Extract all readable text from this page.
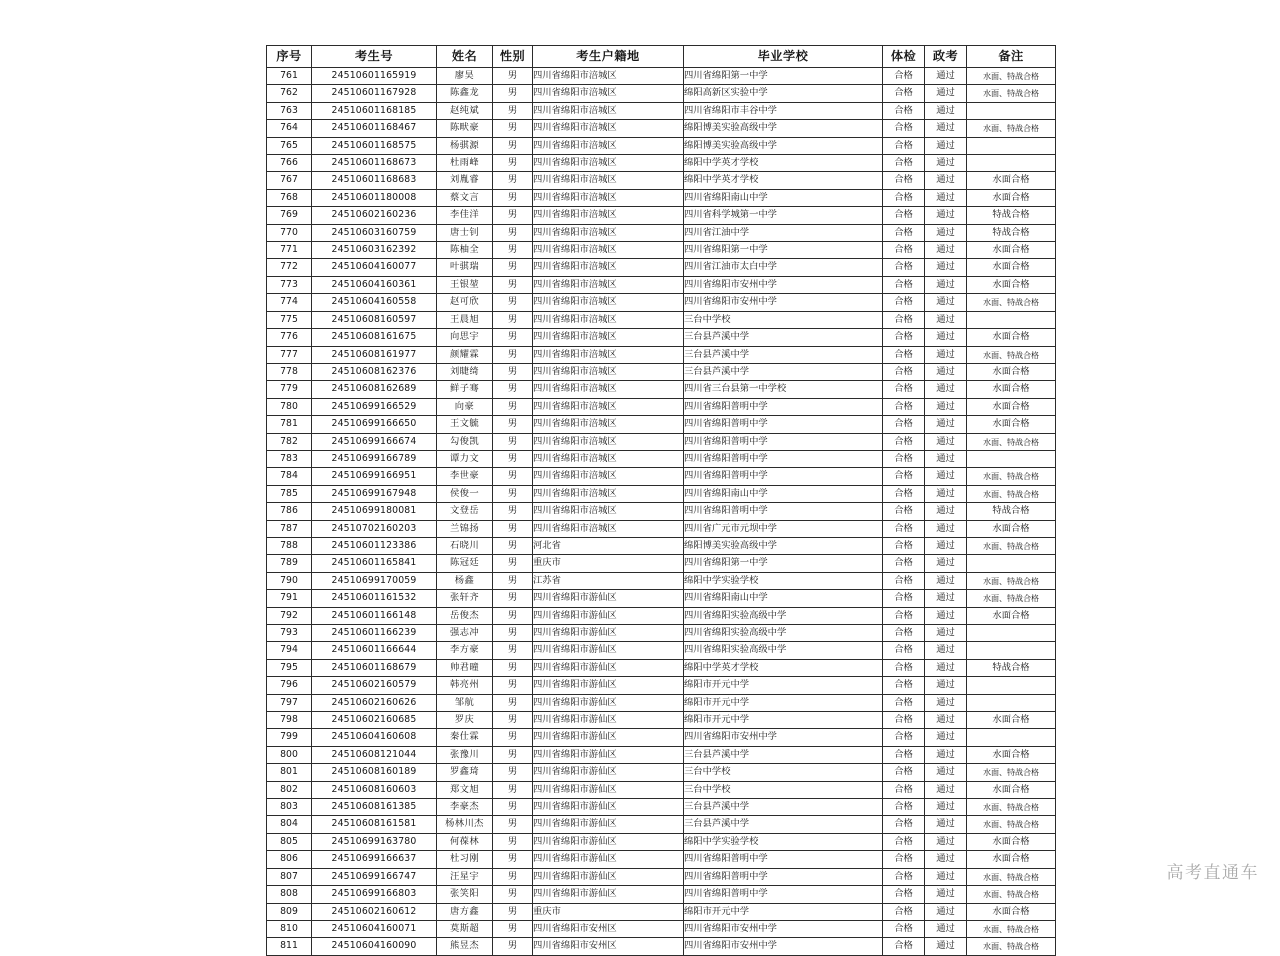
序号	考生号	姓名	性别	考生户籍地	毕业学校	体检	政考	备注
761	24510601165919	廖昊	男	四川省绵阳市涪城区	四川省绵阳第一中学	合格	通过	水面、特战合格
762	24510601167928	陈鑫龙	男	四川省绵阳市涪城区	绵阳高新区实验中学	合格	通过	水面、特战合格
763	24510601168185	赵纯斌	男	四川省绵阳市涪城区	四川省绵阳市丰谷中学	合格	通过	
764	24510601168467	陈畎豪	男	四川省绵阳市涪城区	绵阳博美实验高级中学	合格	通过	水面、特战合格
765	24510601168575	杨骐源	男	四川省绵阳市涪城区	绵阳博美实验高级中学	合格	通过	
766	24510601168673	杜雨峰	男	四川省绵阳市涪城区	绵阳中学英才学校	合格	通过	
767	24510601168683	刘胤睿	男	四川省绵阳市涪城区	绵阳中学英才学校	合格	通过	水面合格
768	24510601180008	蔡文言	男	四川省绵阳市涪城区	四川省绵阳南山中学	合格	通过	水面合格
769	24510602160236	李佳洋	男	四川省绵阳市涪城区	四川省科学城第一中学	合格	通过	特战合格
770	24510603160759	唐士钊	男	四川省绵阳市涪城区	四川省江油中学	合格	通过	特战合格
771	24510603162392	陈柚全	男	四川省绵阳市涪城区	四川省绵阳第一中学	合格	通过	水面合格
772	24510604160077	叶骐瑞	男	四川省绵阳市涪城区	四川省江油市太白中学	合格	通过	水面合格
773	24510604160361	王银堃	男	四川省绵阳市涪城区	四川省绵阳市安州中学	合格	通过	水面合格
774	24510604160558	赵可欣	男	四川省绵阳市涪城区	四川省绵阳市安州中学	合格	通过	水面、特战合格
775	24510608160597	王晨旭	男	四川省绵阳市涪城区	三台中学校	合格	通过	
776	24510608161675	向思宇	男	四川省绵阳市涪城区	三台县芦溪中学	合格	通过	水面合格
777	24510608161977	颜耀霖	男	四川省绵阳市涪城区	三台县芦溪中学	合格	通过	水面、特战合格
778	24510608162376	刘睫绮	男	四川省绵阳市涪城区	三台县芦溪中学	合格	通过	水面合格
779	24510608162689	鲜子骞	男	四川省绵阳市涪城区	四川省三台县第一中学校	合格	通过	水面合格
780	24510699166529	向豪	男	四川省绵阳市涪城区	四川省绵阳普明中学	合格	通过	水面合格
781	24510699166650	王文毓	男	四川省绵阳市涪城区	四川省绵阳普明中学	合格	通过	水面合格
782	24510699166674	勾俊凯	男	四川省绵阳市涪城区	四川省绵阳普明中学	合格	通过	水面、特战合格
783	24510699166789	谭力文	男	四川省绵阳市涪城区	四川省绵阳普明中学	合格	通过	
784	24510699166951	李世豪	男	四川省绵阳市涪城区	四川省绵阳普明中学	合格	通过	水面、特战合格
785	24510699167948	侯俊一	男	四川省绵阳市涪城区	四川省绵阳南山中学	合格	通过	水面、特战合格
786	24510699180081	文登岳	男	四川省绵阳市涪城区	四川省绵阳普明中学	合格	通过	特战合格
787	24510702160203	兰锦扬	男	四川省绵阳市涪城区	四川省广元市元坝中学	合格	通过	水面合格
788	24510601123386	石晓川	男	河北省	绵阳博美实验高级中学	合格	通过	水面、特战合格
789	24510601165841	陈冠廷	男	重庆市	四川省绵阳第一中学	合格	通过	
790	24510699170059	杨鑫	男	江苏省	绵阳中学实验学校	合格	通过	水面、特战合格
791	24510601161532	张轩齐	男	四川省绵阳市游仙区	四川省绵阳南山中学	合格	通过	水面、特战合格
792	24510601166148	岳俊杰	男	四川省绵阳市游仙区	四川省绵阳实验高级中学	合格	通过	水面合格
793	24510601166239	强志冲	男	四川省绵阳市游仙区	四川省绵阳实验高级中学	合格	通过	
794	24510601166644	李方豪	男	四川省绵阳市游仙区	四川省绵阳实验高级中学	合格	通过	
795	24510601168679	帅君曈	男	四川省绵阳市游仙区	绵阳中学英才学校	合格	通过	特战合格
796	24510602160579	韩亮州	男	四川省绵阳市游仙区	绵阳市开元中学	合格	通过	
797	24510602160626	邹航	男	四川省绵阳市游仙区	绵阳市开元中学	合格	通过	
798	24510602160685	罗庆	男	四川省绵阳市游仙区	绵阳市开元中学	合格	通过	水面合格
799	24510604160608	秦仕霖	男	四川省绵阳市游仙区	四川省绵阳市安州中学	合格	通过	
800	24510608121044	张豫川	男	四川省绵阳市游仙区	三台县芦溪中学	合格	通过	水面合格
801	24510608160189	罗鑫琦	男	四川省绵阳市游仙区	三台中学校	合格	通过	水面、特战合格
802	24510608160603	郑文旭	男	四川省绵阳市游仙区	三台中学校	合格	通过	水面合格
803	24510608161385	李豪杰	男	四川省绵阳市游仙区	三台县芦溪中学	合格	通过	水面、特战合格
804	24510608161581	杨林川杰	男	四川省绵阳市游仙区	三台县芦溪中学	合格	通过	水面、特战合格
805	24510699163780	何葆林	男	四川省绵阳市游仙区	绵阳中学实验学校	合格	通过	水面合格
806	24510699166637	杜习刚	男	四川省绵阳市游仙区	四川省绵阳普明中学	合格	通过	水面合格
807	24510699166747	汪星宇	男	四川省绵阳市游仙区	四川省绵阳普明中学	合格	通过	水面、特战合格
808	24510699166803	张笑阳	男	四川省绵阳市游仙区	四川省绵阳普明中学	合格	通过	水面、特战合格
809	24510602160612	唐方鑫	男	重庆市	绵阳市开元中学	合格	通过	水面合格
810	24510604160071	莫斯超	男	四川省绵阳市安州区	四川省绵阳市安州中学	合格	通过	水面、特战合格
811	24510604160090	熊昱杰	男	四川省绵阳市安州区	四川省绵阳市安州中学	合格	通过	水面、特战合格
高考直通车
